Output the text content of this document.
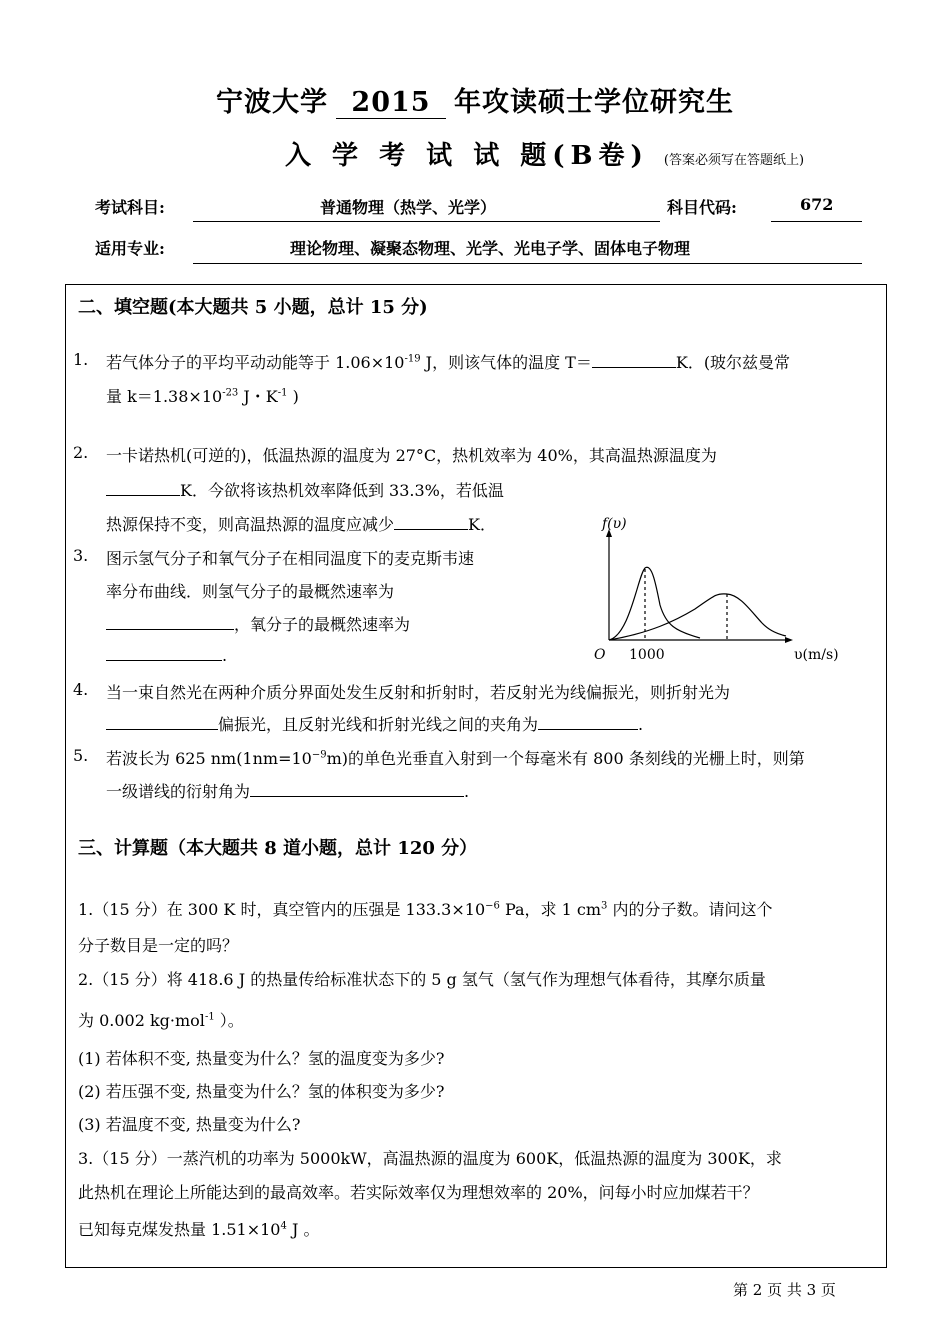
宁波大学 2015 年攻读硕士学位研究生
入 学 考 试 试 题(B卷) (答案必须写在答题纸上)
考试科目:	普通物理（热学、光学）	科目代码:	672
适用专业:	理论物理、凝聚态物理、光学、光电子学、固体电子物理
二、填空题(本大题共 5 小题，总计 15 分)
1. 若气体分子的平均平动动能等于 $1.06\times 10^{-19}$ J，则该气体的温度 T＝	K．(玻尔兹曼常
量 $k=1.38\times 10^{-23}$ J・$K^{-1}$ )
2. 一卡诺热机(可逆的)，低温热源的温度为 27°C，热机效率为 40%，其高温热源温度为
K．今欲将该热机效率降低到 33.3%，若低温
热源保持不变，则高温热源的温度应减少	K．
3. 图示氢气分子和氧气分子在相同温度下的麦克斯韦速
率分布曲线．则氢气分子的最概然速率为
，氧分子的最概然速率为
.
f(υ)
O 1000	υ(m/s)
4. 当一束自然光在两种介质分界面处发生反射和折射时，若反射光为线偏振光，则折射光为
偏振光，且反射光线和折射光线之间的夹角为	.
5. 若波长为 625 $nm(1nm=10^{-9}m)$的单色光垂直入射到一个每毫米有 800 条刻线的光栅上时，则第
一级谱线的衍射角为	.
三、计算题（本大题共 8 道小题，总计 120 分）
1.（15 分）在 300 K 时，真空管内的压强是 $133.3\times 10^{-6}$ Pa，求 1 $cm^3$ 内的分子数。请问这个
分子数目是一定的吗？
2.（15 分）将 418.6 J 的热量传给标准状态下的 5 g 氢气（氢气作为理想气体看待，其摩尔质量
为 0.002 kg·mol$^{-1}$ ）。
(1) 若体积不变, 热量变为什么？氢的温度变为多少?
(2) 若压强不变, 热量变为什么？氢的体积变为多少?
(3) 若温度不变, 热量变为什么?
3.（15 分）一蒸汽机的功率为 5000kW，高温热源的温度为 600K，低温热源的温度为 300K，求
此热机在理论上所能达到的最高效率。若实际效率仅为理想效率的 20%，问每小时应加煤若干？
已知每克煤发热量 $1.51\times 10^4$ J 。
第 2 页 共 3 页
